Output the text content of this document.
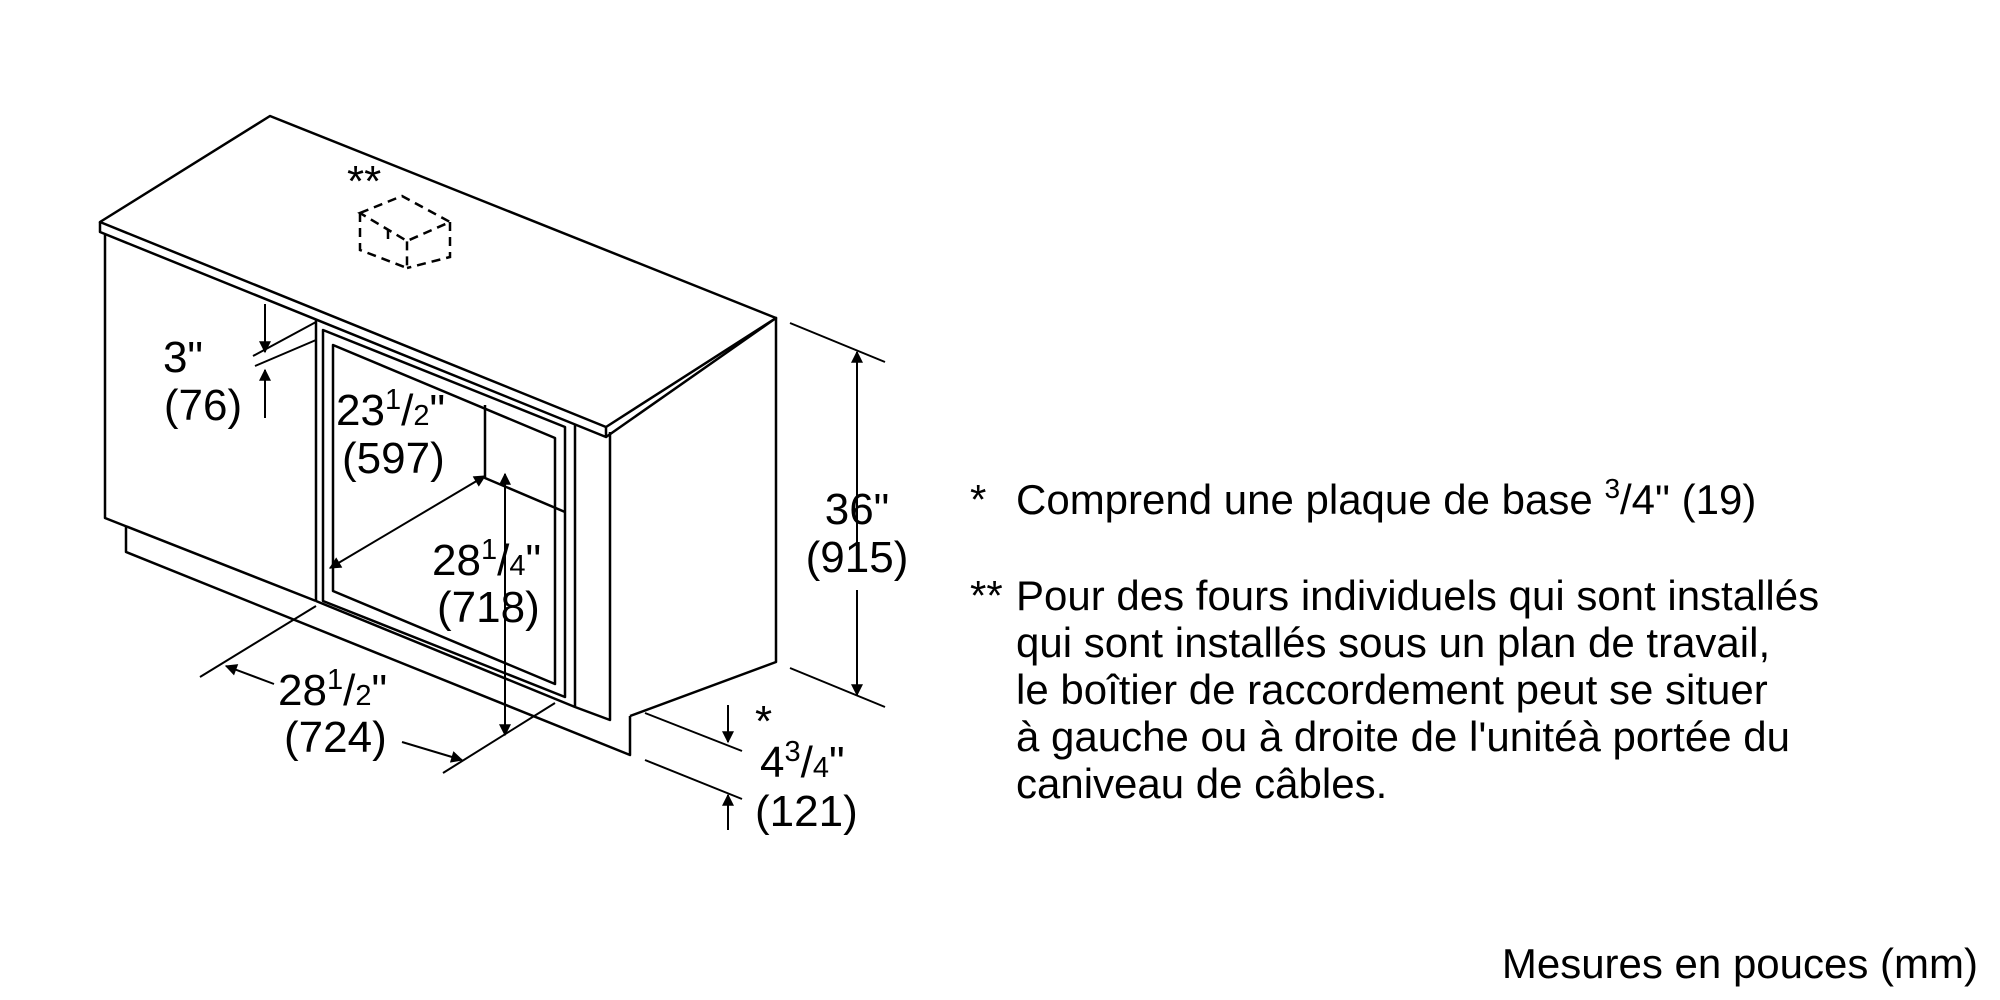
**
3"
(76) $23^1/2$"
(597)
$28^1/4$"
(718)
$28^1/2$"
(724)
36"
(915)
*
$4^3/4$"
(121)
* Comprend une plaque de base $^3$/4" (19)
** Pour des fours individuels qui sont installés
qui sont installés sous un plan de travail,
le boîtier de raccordement peut se situer
à gauche ou à droite de l'unitéà portée du
caniveau de câbles.
Mesures en pouces (mm)
